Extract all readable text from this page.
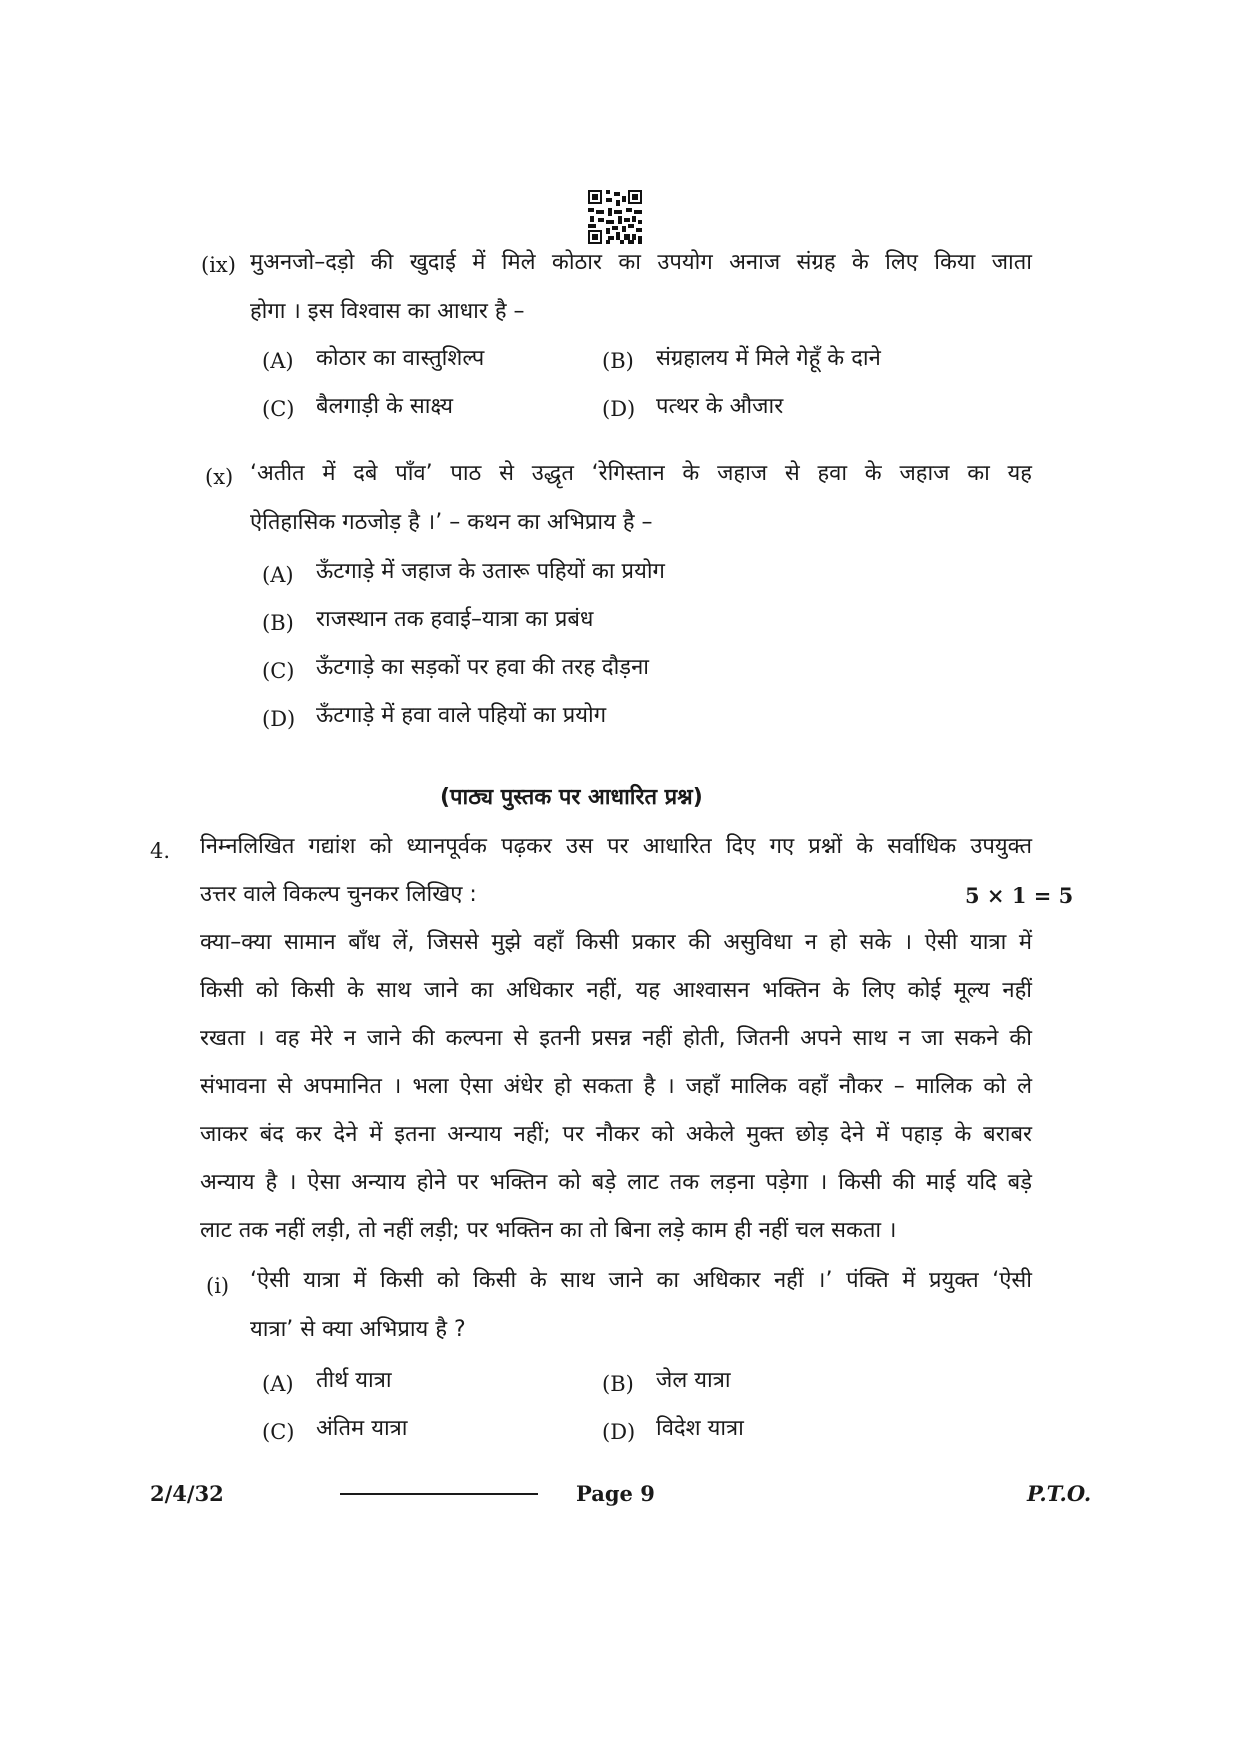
(ix) मुअनजो–दड़ो की खुदाई में मिले कोठार का उपयोग अनाज संग्रह के लिए किया जाता
होगा । इस विश्वास का आधार है –
(A) कोठार का वास्तुशिल्प	(B) संग्रहालय में मिले गेहूँ के दाने
(C) बैलगाड़ी के साक्ष्य	(D) पत्थर के औजार
(x) ‘अतीत में दबे पाँव’ पाठ से उद्धृत ‘रेगिस्तान के जहाज से हवा के जहाज का यह
ऐतिहासिक गठजोड़ है ।’ – कथन का अभिप्राय है –
(A) ऊँटगाड़े में जहाज के उतारू पहियों का प्रयोग
(B) राजस्थान तक हवाई–यात्रा का प्रबंध
(C) ऊँटगाड़े का सड़कों पर हवा की तरह दौड़ना
(D) ऊँटगाड़े में हवा वाले पहियों का प्रयोग
(पाठ्य पुस्तक पर आधारित प्रश्न)
4. निम्नलिखित गद्यांश को ध्यानपूर्वक पढ़कर उस पर आधारित दिए गए प्रश्नों के सर्वाधिक उपयुक्त
उत्तर वाले विकल्प चुनकर लिखिए :	5 × 1 = 5
क्या–क्या सामान बाँध लें, जिससे मुझे वहाँ किसी प्रकार की असुविधा न हो सके । ऐसी यात्रा में
किसी को किसी के साथ जाने का अधिकार नहीं, यह आश्वासन भक्तिन के लिए कोई मूल्य नहीं
रखता । वह मेरे न जाने की कल्पना से इतनी प्रसन्न नहीं होती, जितनी अपने साथ न जा सकने की
संभावना से अपमानित । भला ऐसा अंधेर हो सकता है । जहाँ मालिक वहाँ नौकर – मालिक को ले
जाकर बंद कर देने में इतना अन्याय नहीं; पर नौकर को अकेले मुक्त छोड़ देने में पहाड़ के बराबर
अन्याय है । ऐसा अन्याय होने पर भक्तिन को बड़े लाट तक लड़ना पड़ेगा । किसी की माई यदि बड़े
लाट तक नहीं लड़ी, तो नहीं लड़ी; पर भक्तिन का तो बिना लड़े काम ही नहीं चल सकता ।
(i) ‘ऐसी यात्रा में किसी को किसी के साथ जाने का अधिकार नहीं ।’ पंक्ति में प्रयुक्त ‘ऐसी
यात्रा’ से क्या अभिप्राय है ?
(A) तीर्थ यात्रा	(B) जेल यात्रा
(C) अंतिम यात्रा	(D) विदेश यात्रा
2/4/32	Page 9	P.T.O.
